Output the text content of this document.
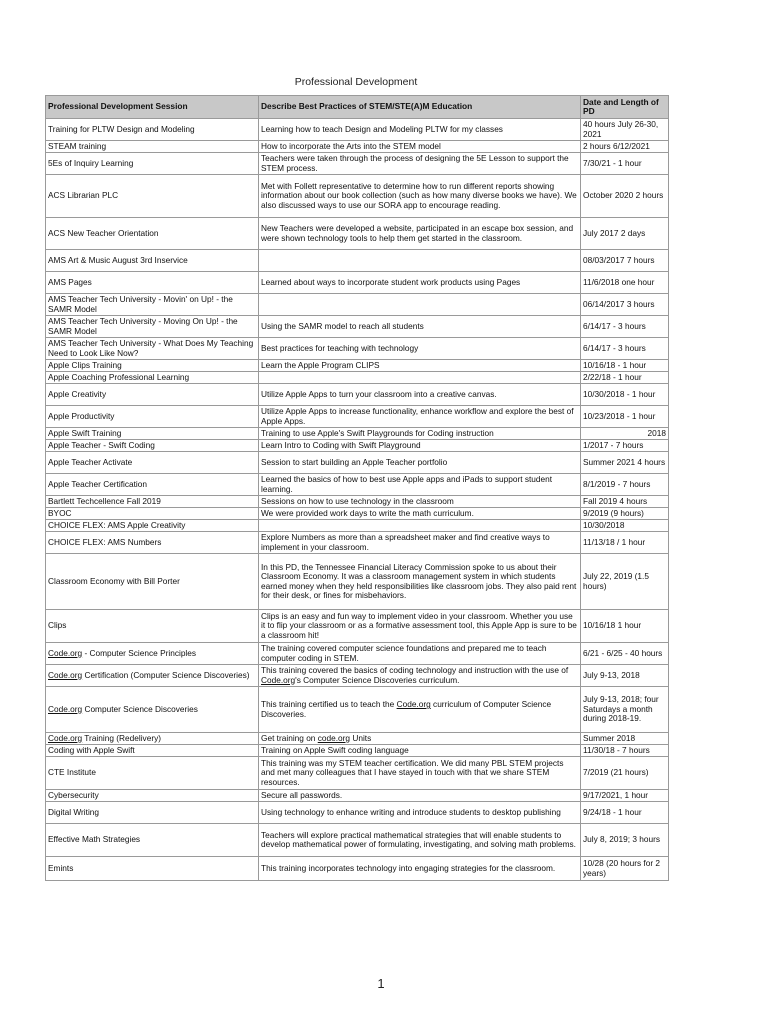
Professional Development
Professional Development Session	Describe Best Practices of STEM/STE(A)M Education	Date and Length of PD
Training for PLTW Design and Modeling	Learning how to teach Design and Modeling PLTW for my classes	40 hours July 26-30, 2021
STEAM training	How to incorporate the Arts into the STEM model	2 hours 6/12/2021
5Es of Inquiry Learning	Teachers were taken through the process of designing the 5E Lesson to support the STEM process.	7/30/21 - 1 hour
ACS Librarian PLC	Met with Follett representative to determine how to run different reports showing information about our book collection (such as how many diverse books we have). We also discussed ways to use our SORA app to encourage reading.	October 2020 2 hours
ACS New Teacher Orientation	New Teachers were developed a website, participated in an escape box session, and were shown technology tools to help them get started in the classroom.	July 2017 2 days
AMS Art & Music August 3rd Inservice		08/03/2017 7 hours
AMS Pages	Learned about ways to incorporate student work products using Pages	11/6/2018 one hour
AMS Teacher Tech University - Movin' on Up! - the SAMR Model		06/14/2017 3 hours
AMS Teacher Tech University - Moving On Up! - the SAMR Model	Using the SAMR model to reach all students	6/14/17 - 3 hours
AMS Teacher Tech University - What Does My Teaching Need to Look Like Now?	Best practices for teaching with technology	6/14/17 - 3 hours
Apple Clips Training	Learn the Apple Program CLIPS	10/16/18 - 1 hour
Apple Coaching Professional Learning		2/22/18 - 1 hour
Apple Creativity	Utilize Apple Apps to turn your classroom into a creative canvas.	10/30/2018 - 1 hour
Apple Productivity	Utilize Apple Apps to increase functionality, enhance workflow and explore the best of Apple Apps.	10/23/2018 - 1 hour
Apple Swift Training	Training to use Apple's Swift Playgrounds for Coding instruction	2018
Apple Teacher - Swift Coding	Learn Intro to Coding with Swift Playground	1/2017 - 7 hours
Apple Teacher Activate	Session to start building an Apple Teacher portfolio	Summer 2021 4 hours
Apple Teacher Certification	Learned the basics of how to best use Apple apps and iPads to support student learning.	8/1/2019 - 7 hours
Bartlett Techcellence Fall 2019	Sessions on how to use technology in the classroom	Fall 2019 4 hours
BYOC	We were provided work days to write the math curriculum.	9/2019 (9 hours)
CHOICE FLEX: AMS Apple Creativity		10/30/2018
CHOICE FLEX: AMS Numbers	Explore Numbers as more than a spreadsheet maker and find creative ways to implement in your classroom.	11/13/18 / 1 hour
Classroom Economy with Bill Porter	In this PD, the Tennessee Financial Literacy Commission spoke to us about their Classroom Economy. It was a classroom management system in which students earned money when they held responsibilities like classroom jobs. They also paid rent for their desk, or fines for misbehaviors.	July 22, 2019 (1.5 hours)
Clips	Clips is an easy and fun way to implement video in your classroom. Whether you use it to flip your classroom or as a formative assessment tool, this Apple App is sure to be a classroom hit!	10/16/18 1 hour
Code.org - Computer Science Principles	The training covered computer science foundations and prepared me to teach computer coding in STEM.	6/21 - 6/25 - 40 hours
Code.org Certification (Computer Science Discoveries)	This training covered the basics of coding technology and instruction with the use of Code.org's Computer Science Discoveries curriculum.	July 9-13, 2018
Code.org Computer Science Discoveries	This training certified us to teach the Code.org curriculum of Computer Science Discoveries.	July 9-13, 2018; four Saturdays a month during 2018-19.
Code.org Training (Redelivery)	Get training on code.org Units	Summer 2018
Coding with Apple Swift	Training on Apple Swift coding language	11/30/18 - 7 hours
CTE Institute	This training was my STEM teacher certification. We did many PBL STEM projects and met many colleagues that I have stayed in touch with that we share STEM resources.	7/2019 (21 hours)
Cybersecurity	Secure all passwords.	9/17/2021, 1 hour
Digital Writing	Using technology to enhance writing and introduce students to desktop publishing	9/24/18 - 1 hour
Effective Math Strategies	Teachers will explore practical mathematical strategies that will enable students to develop mathematical power of formulating, investigating, and solving math problems.	July 8, 2019; 3 hours
Emints	This training incorporates technology into engaging strategies for the classroom.	10/28 (20 hours for 2 years)
1
